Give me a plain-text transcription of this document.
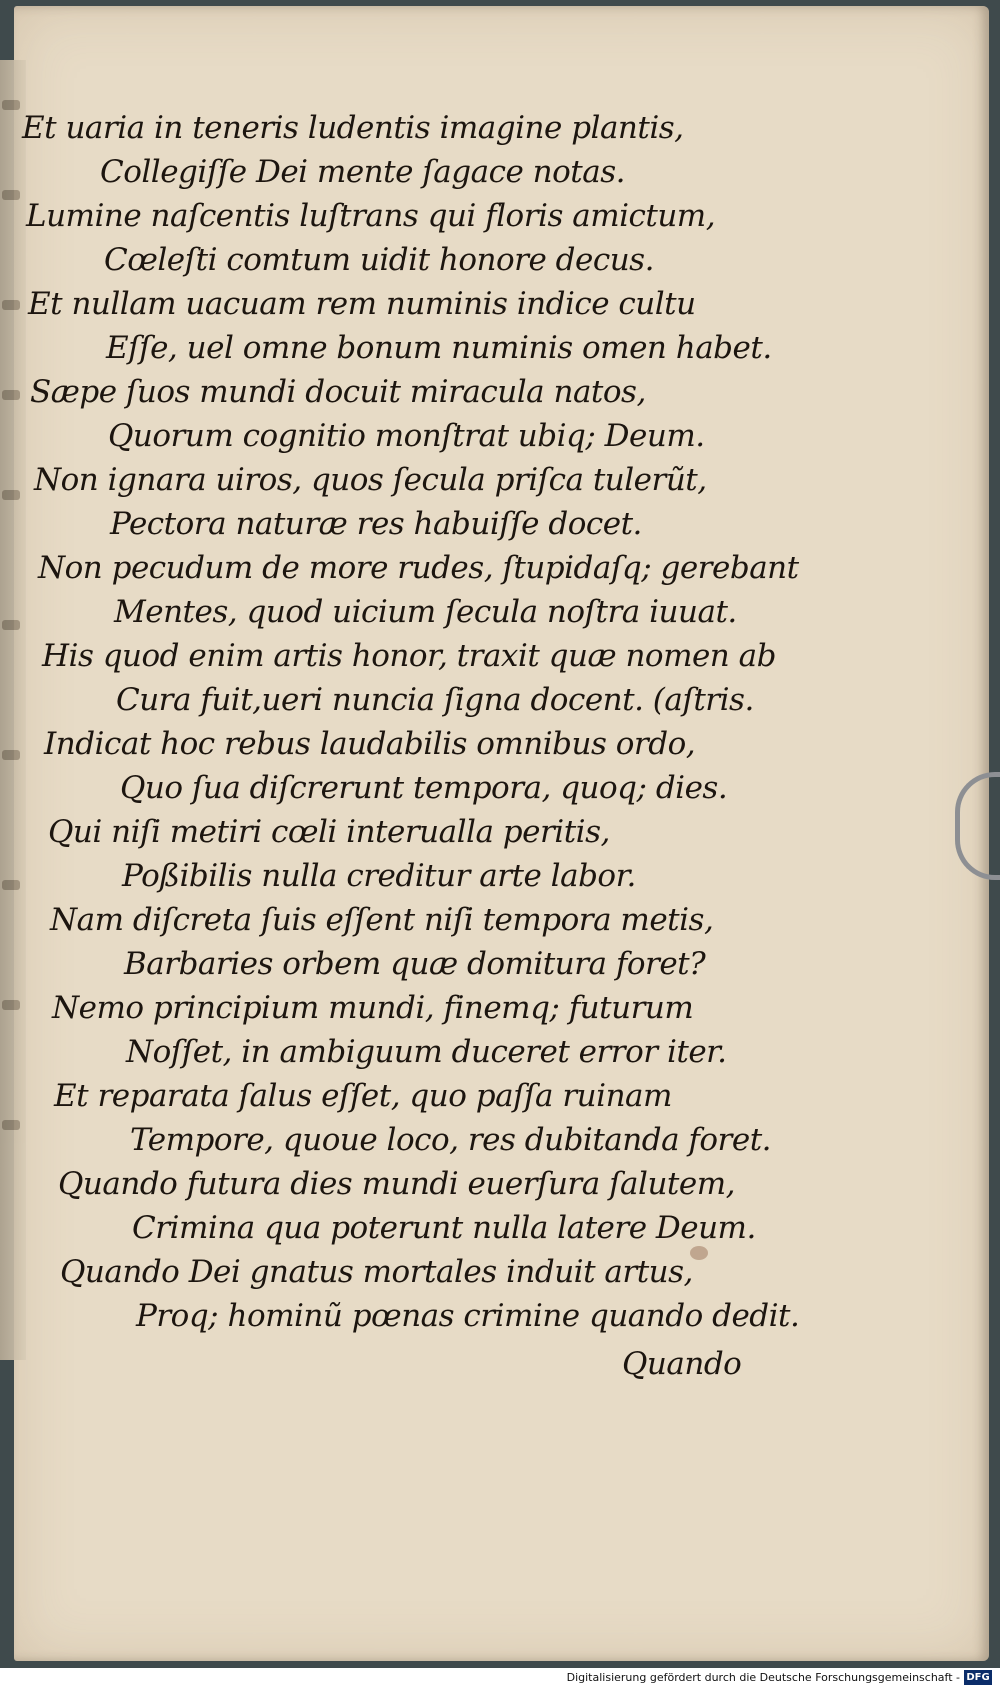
Et uaria in teneris ludentis imagine plantis,
Collegiſſe Dei mente ſagace notas.
Lumine naſcentis luſtrans qui floris amictum,
Cœleſti comtum uidit honore decus.
Et nullam uacuam rem numinis indice cultu
Eſſe, uel omne bonum numinis omen habet.
Sæpe ſuos mundi docuit miracula natos,
Quorum cognitio monſtrat ubiq; Deum.
Non ignara uiros, quos ſecula priſca tulerũt,
Pectora naturæ res habuiſſe docet.
Non pecudum de more rudes, ſtupidaſq; gerebant
Mentes, quod uicium ſecula noſtra iuuat.
His quod enim artis honor, traxit quæ nomen ab
Cura fuit,ueri nuncia ſigna docent. (aſtris.
Indicat hoc rebus laudabilis omnibus ordo,
Quo ſua diſcrerunt tempora, quoq; dies.
Qui niſi metiri cœli interualla peritis,
Poßibilis nulla creditur arte labor.
Nam diſcreta ſuis eſſent niſi tempora metis,
Barbaries orbem quæ domitura foret?
Nemo principium mundi, finemq; futurum
Noſſet, in ambiguum duceret error iter.
Et reparata ſalus eſſet, quo paſſa ruinam
Tempore, quoue loco, res dubitanda foret.
Quando futura dies mundi euerſura ſalutem,
Crimina qua poterunt nulla latere Deum.
Quando Dei gnatus mortales induit artus,
Proq; hominũ pœnas crimine quando dedit.
Quando
Digitalisierung gefördert durch die Deutsche Forschungsgemeinschaft - DFG
